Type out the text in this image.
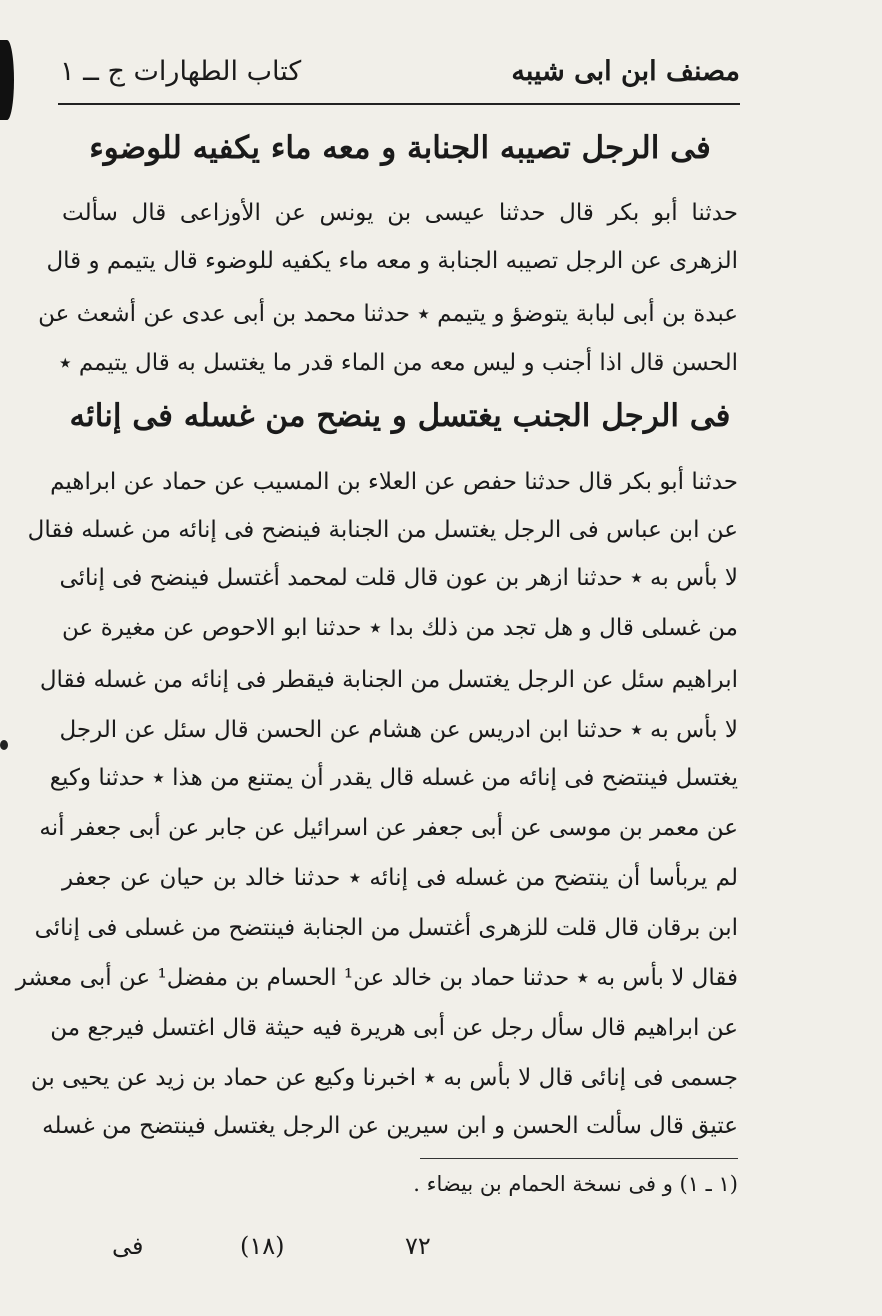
مصنف ابن ابى شيبه
كتاب الطهارات ج ــ ١
فى الرجل تصيبه الجنابة و معه ماء يكفيه للوضوء
حدثنا أبو بكر قال حدثنا عيسى بن يونس عن الأوزاعى قال سألت
الزهرى عن الرجل تصيبه الجنابة و معه ماء يكفيه للوضوء قال يتيمم و قال
عبدة بن أبى لبابة يتوضؤ و يتيمم ٭ حدثنا محمد بن أبى عدى عن أشعث عن
الحسن قال اذا أجنب و ليس معه من الماء قدر ما يغتسل به قال يتيمم ٭
فى الرجل الجنب يغتسل و ينضح من غسله فى إنائه
حدثنا أبو بكر قال حدثنا حفص عن العلاء بن المسيب عن حماد عن ابراهيم
عن ابن عباس فى الرجل يغتسل من الجنابة فينضح فى إنائه من غسله فقال
لا بأس به ٭ حدثنا ازهر بن عون قال قلت لمحمد أغتسل فينضح فى إنائى
من غسلى قال و هل تجد من ذلك بدا ٭ حدثنا ابو الاحوص عن مغيرة عن
ابراهيم سئل عن الرجل يغتسل من الجنابة فيقطر فى إنائه من غسله فقال
لا بأس به ٭ حدثنا ابن ادريس عن هشام عن الحسن قال سئل عن الرجل
يغتسل فينتضح فى إنائه من غسله قال يقدر أن يمتنع من هذا ٭ حدثنا وكيع
عن معمر بن موسى عن أبى جعفر عن اسرائيل عن جابر عن أبى جعفر أنه
لم يربأسا أن ينتضح من غسله فى إنائه ٭ حدثنا خالد بن حيان عن جعفر
ابن برقان قال قلت للزهرى أغتسل من الجنابة فينتضح من غسلى فى إنائى
فقال لا بأس به ٭ حدثنا حماد بن خالد عن¹ الحسام بن مفضل¹ عن أبى معشر
عن ابراهيم قال سأل رجل عن أبى هريرة فيه حيثة قال اغتسل فيرجع من
جسمى فى إنائى قال لا بأس به ٭ اخبرنا وكيع عن حماد بن زيد عن يحيى بن
عتيق قال سألت الحسن و ابن سيرين عن الرجل يغتسل فينتضح من غسله
(١ ـ ١) و فى نسخة الحمام بن بيضاء .
٧٢
(١٨)
فى
